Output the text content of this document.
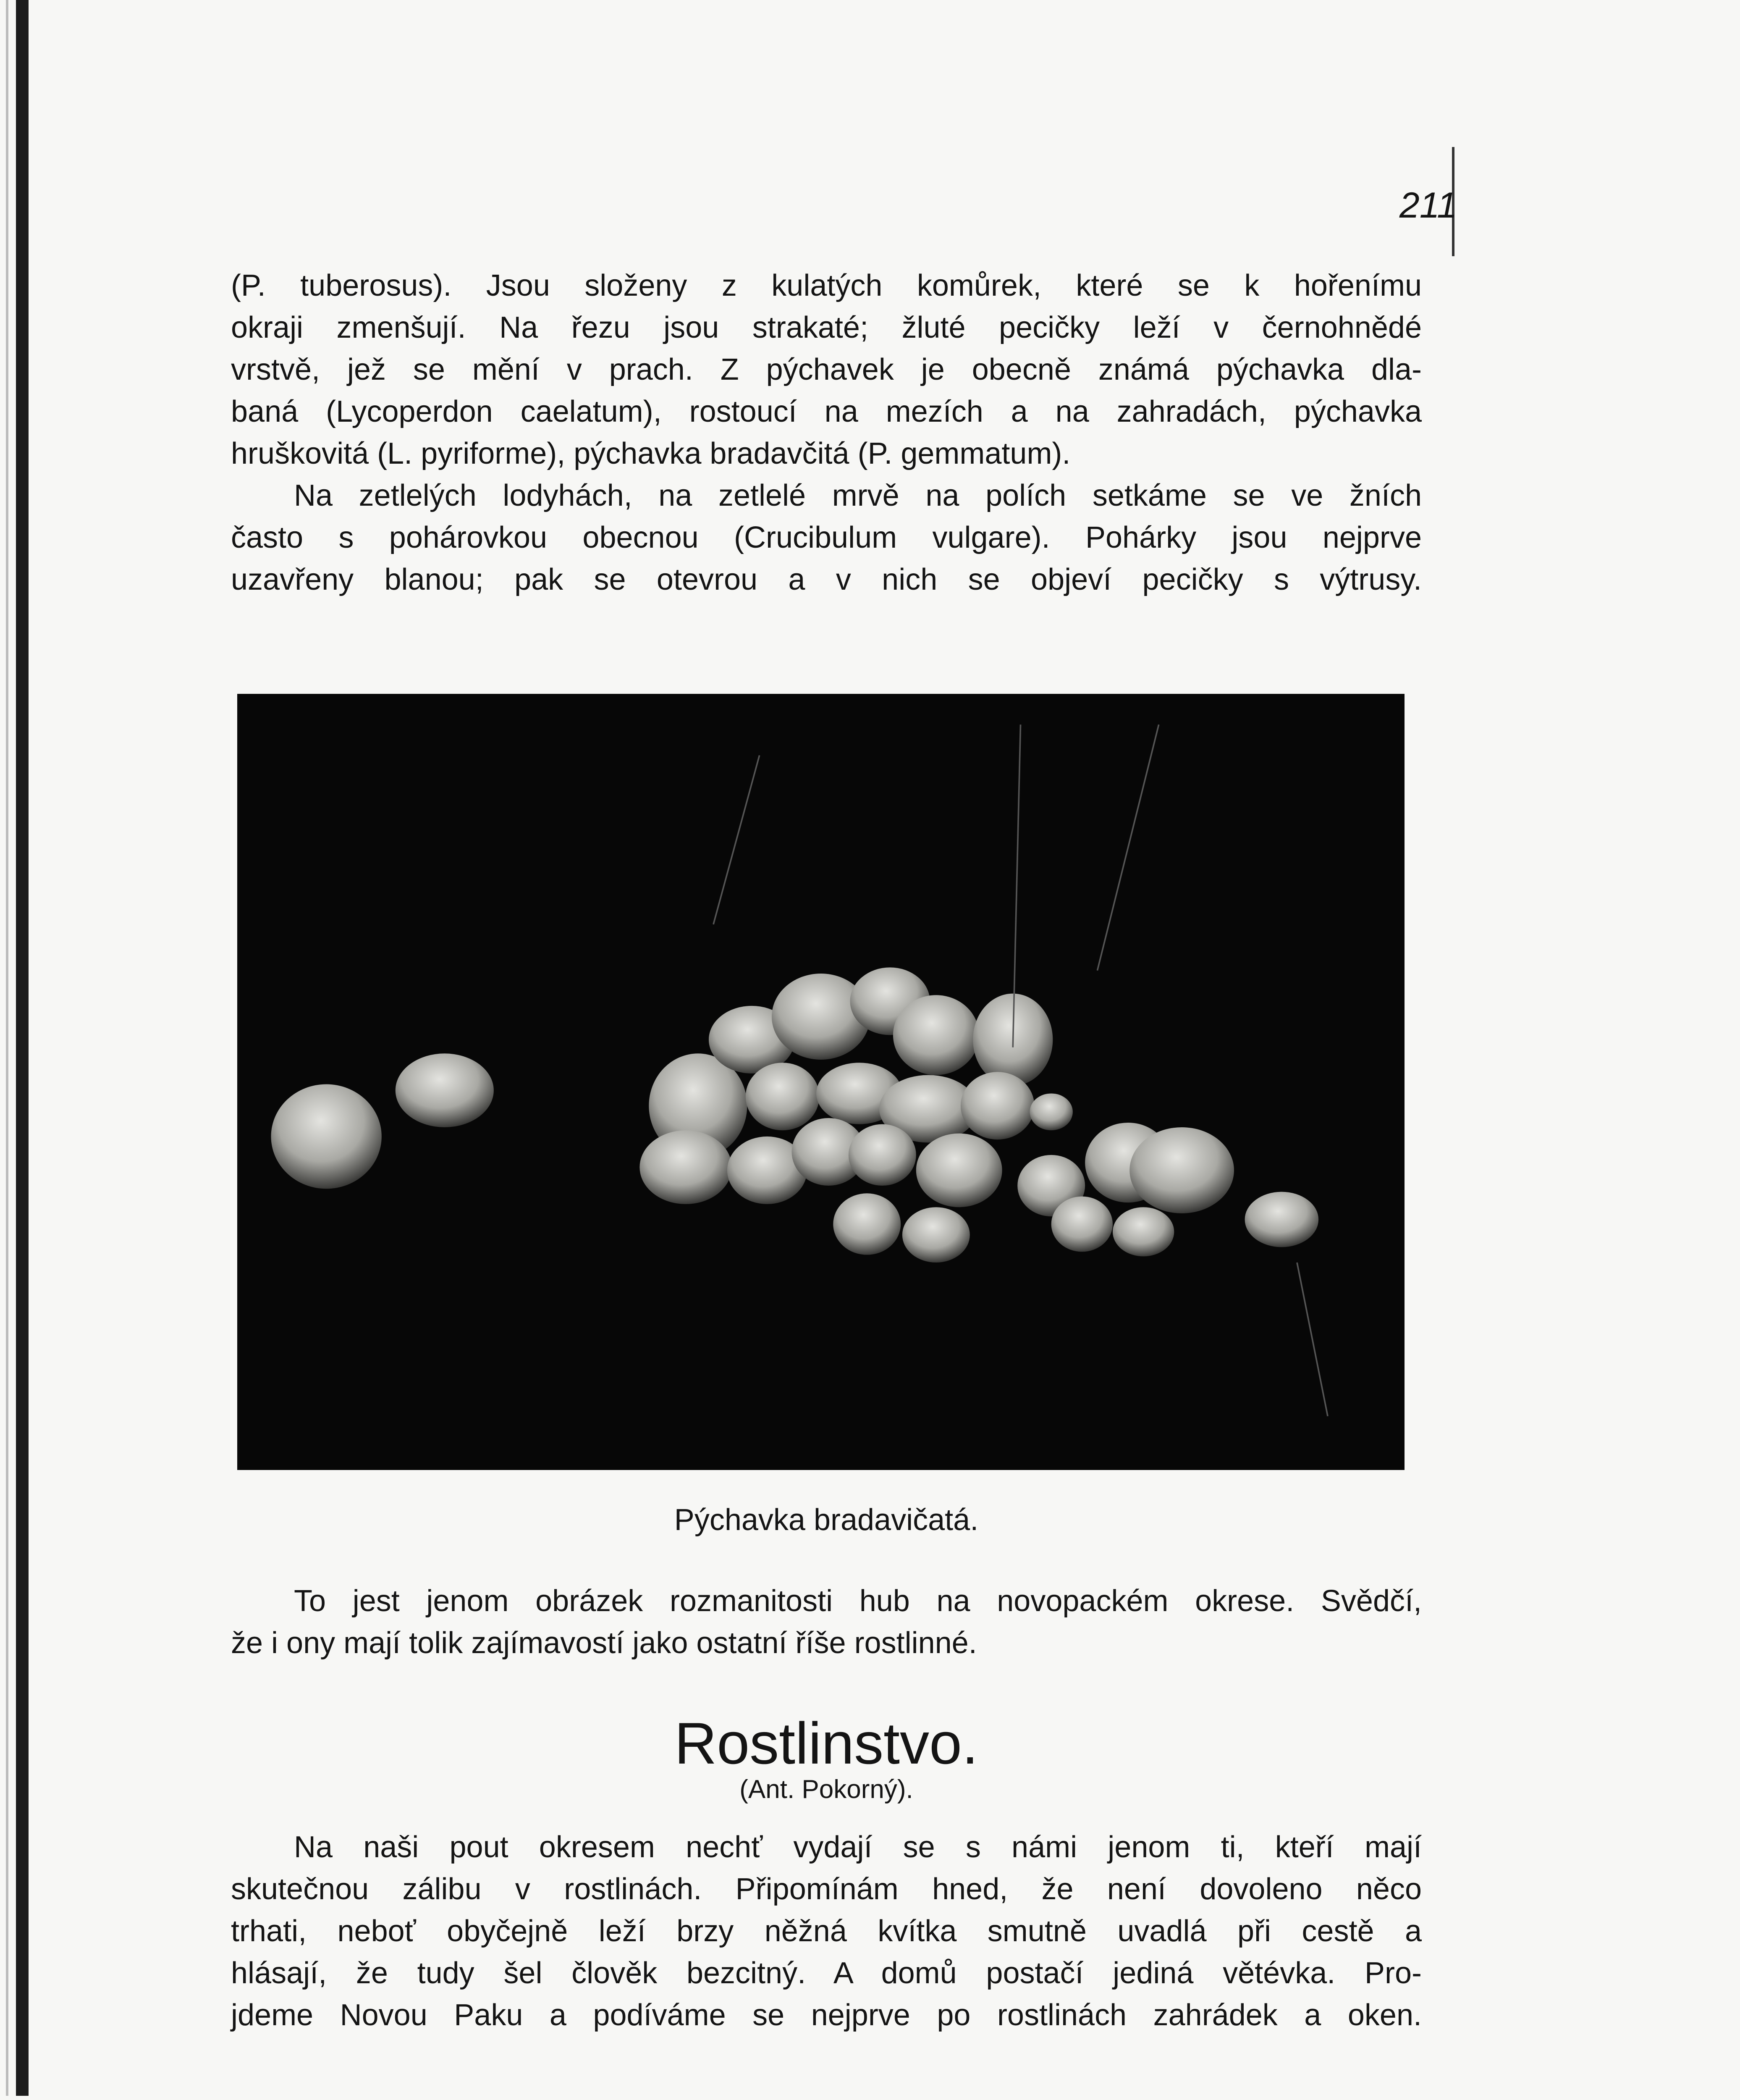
211
(P. tuberosus). Jsou složeny z kulatých komůrek, které se k hořenímu
okraji zmenšují. Na řezu jsou strakaté; žluté pecičky leží v černohnědé
vrstvě, jež se mění v prach. Z pýchavek je obecně známá pýchavka dla-
baná (Lycoperdon caelatum), rostoucí na mezích a na zahradách, pýchavka
hruškovitá (L. pyriforme), pýchavka bradavčitá (P. gemmatum).
Na zetlelých lodyhách, na zetlelé mrvě na polích setkáme se ve žních
často s pohárovkou obecnou (Crucibulum vulgare). Pohárky jsou nejprve
uzavřeny blanou; pak se otevrou a v nich se objeví pecičky s výtrusy.
Pýchavka bradavičatá.
To jest jenom obrázek rozmanitosti hub na novopackém okrese. Svědčí,
že i ony mají tolik zajímavostí jako ostatní říše rostlinné.
Rostlinstvo.
(Ant. Pokorný).
Na naši pout okresem nechť vydají se s námi jenom ti, kteří mají
skutečnou zálibu v rostlinách. Připomínám hned, že není dovoleno něco
trhati, neboť obyčejně leží brzy něžná kvítka smutně uvadlá při cestě a
hlásají, že tudy šel člověk bezcitný. A domů postačí jediná větévka. Pro-
jdeme Novou Paku a podíváme se nejprve po rostlinách zahrádek a oken.
